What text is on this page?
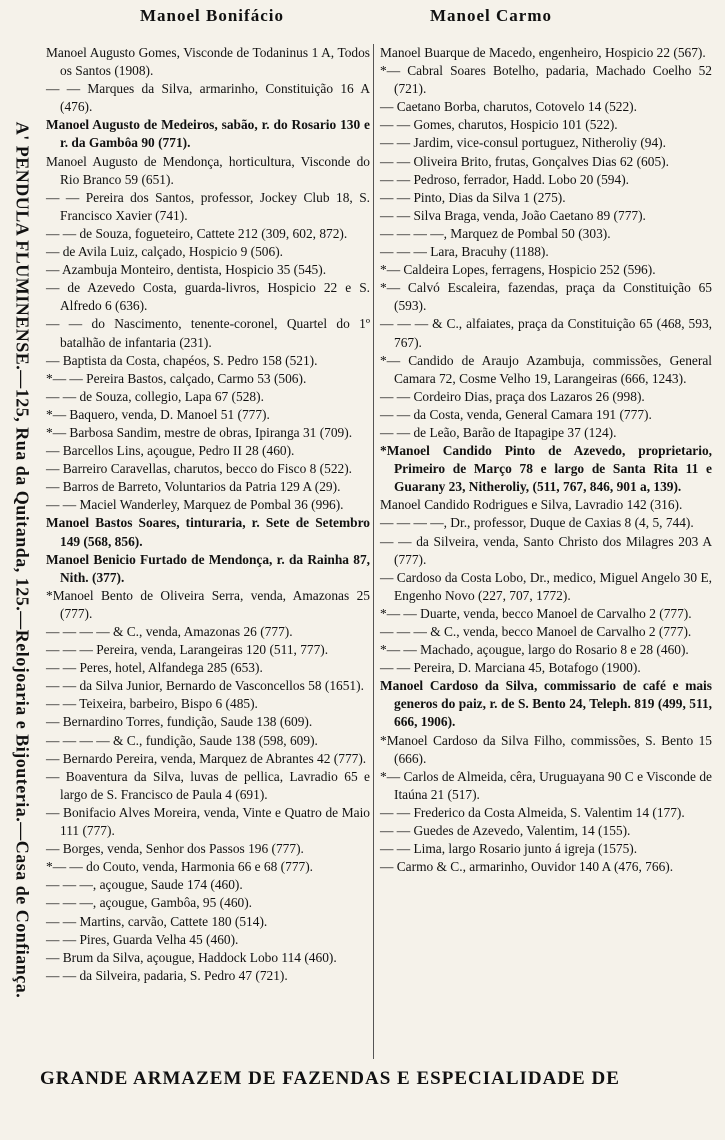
Manoel Bonifácio	Manoel Carmo
A' PENDULA FLUMINENSE.—125, Rua da Quitanda, 125.—Relojoaria e Bijouteria.—Casa de Confiança.

Manoel Augusto Gomes, Visconde de Todaninus 1 A, Todos os Santos (1908).

— — Marques da Silva, armarinho, Constituição 16 A (476).

Manoel Augusto de Medeiros, sabão, r. do Rosario 130 e r. da Gambôa 90 (771).

Manoel Augusto de Mendonça, horticultura, Visconde do Rio Branco 59 (651).

— — Pereira dos Santos, professor, Jockey Club 18, S. Francisco Xavier (741).

— — de Souza, fogueteiro, Cattete 212 (309, 602, 872).

— de Avila Luiz, calçado, Hospicio 9 (506).

— Azambuja Monteiro, dentista, Hospicio 35 (545).

— de Azevedo Costa, guarda-livros, Hospicio 22 e S. Alfredo 6 (636).

— — do Nascimento, tenente-coronel, Quartel do 1º batalhão de infantaria (231).

— Baptista da Costa, chapéos, S. Pedro 158 (521).

*— — Pereira Bastos, calçado, Carmo 53 (506).

— — de Souza, collegio, Lapa 67 (528).

*— Baquero, venda, D. Manoel 51 (777).

*— Barbosa Sandim, mestre de obras, Ipiranga 31 (709).

— Barcellos Lins, açougue, Pedro II 28 (460).

— Barreiro Caravellas, charutos, becco do Fisco 8 (522).

— Barros de Barreto, Voluntarios da Patria 129 A (29).

— — Maciel Wanderley, Marquez de Pombal 36 (996).

Manoel Bastos Soares, tinturaria, r. Sete de Setembro 149 (568, 856).

Manoel Benicio Furtado de Mendonça, r. da Rainha 87, Nith. (377).

*Manoel Bento de Oliveira Serra, venda, Amazonas 25 (777).

— — — — & C., venda, Amazonas 26 (777).

— — — Pereira, venda, Larangeiras 120 (511, 777).

— — Peres, hotel, Alfandega 285 (653).

— — da Silva Junior, Bernardo de Vasconcellos 58 (1651).

— — Teixeira, barbeiro, Bispo 6 (485).

— Bernardino Torres, fundição, Saude 138 (609).

— — — — & C., fundição, Saude 138 (598, 609).

— Bernardo Pereira, venda, Marquez de Abrantes 42 (777).

— Boaventura da Silva, luvas de pellica, Lavradio 65 e largo de S. Francisco de Paula 4 (691).

— Bonifacio Alves Moreira, venda, Vinte e Quatro de Maio 111 (777).

— Borges, venda, Senhor dos Passos 196 (777).

*— — do Couto, venda, Harmonia 66 e 68 (777).

— — —, açougue, Saude 174 (460).

— — —, açougue, Gambôa, 95 (460).

— — Martins, carvão, Cattete 180 (514).

— — Pires, Guarda Velha 45 (460).

— Brum da Silva, açougue, Haddock Lobo 114 (460).

— — da Silveira, padaria, S. Pedro 47 (721).

Manoel Buarque de Macedo, engenheiro, Hospicio 22 (567).

*— Cabral Soares Botelho, padaria, Machado Coelho 52 (721).

— Caetano Borba, charutos, Cotovelo 14 (522).

— — Gomes, charutos, Hospicio 101 (522).

— — Jardim, vice-consul portuguez, Nitheroliy (94).

— — Oliveira Brito, frutas, Gonçalves Dias 62 (605).

— — Pedroso, ferrador, Hadd. Lobo 20 (594).

— — Pinto, Dias da Silva 1 (275).

— — Silva Braga, venda, João Caetano 89 (777).

— — — —, Marquez de Pombal 50 (303).

— — — Lara, Bracuhy (1188).

*— Caldeira Lopes, ferragens, Hospicio 252 (596).

*— Calvó Escaleira, fazendas, praça da Constituição 65 (593).

— — — & C., alfaiates, praça da Constituição 65 (468, 593, 767).

*— Candido de Araujo Azambuja, commissões, General Camara 72, Cosme Velho 19, Larangeiras (666, 1243).

— — Cordeiro Dias, praça dos Lazaros 26 (998).

— — da Costa, venda, General Camara 191 (777).

— — de Leão, Barão de Itapagipe 37 (124).

*Manoel Candido Pinto de Azevedo, proprietario, Primeiro de Março 78 e largo de Santa Rita 11 e Guarany 23, Nitheroliy, (511, 767, 846, 901 a, 139).

Manoel Candido Rodrigues e Silva, Lavradio 142 (316).

— — — —, Dr., professor, Duque de Caxias 8 (4, 5, 744).

— — da Silveira, venda, Santo Christo dos Milagres 203 A (777).

— Cardoso da Costa Lobo, Dr., medico, Miguel Angelo 30 E, Engenho Novo (227, 707, 1772).

*— — Duarte, venda, becco Manoel de Carvalho 2 (777).

— — — & C., venda, becco Manoel de Carvalho 2 (777).

*— — Machado, açougue, largo do Rosario 8 e 28 (460).

— — Pereira, D. Marciana 45, Botafogo (1900).

Manoel Cardoso da Silva, commissario de café e mais generos do paiz, r. de S. Bento 24, Teleph. 819 (499, 511, 666, 1906).

*Manoel Cardoso da Silva Filho, commissões, S. Bento 15 (666).

*— Carlos de Almeida, cêra, Uruguayana 90 C e Visconde de Itaúna 21 (517).

— — Frederico da Costa Almeida, S. Valentim 14 (177).

— — Guedes de Azevedo, Valentim, 14 (155).

— — Lima, largo Rosario junto á igreja (1575).

— Carmo & C., armarinho, Ouvidor 140 A (476, 766).

GRANDE ARMAZEM DE FAZENDAS E ESPECIALIDADE DE
